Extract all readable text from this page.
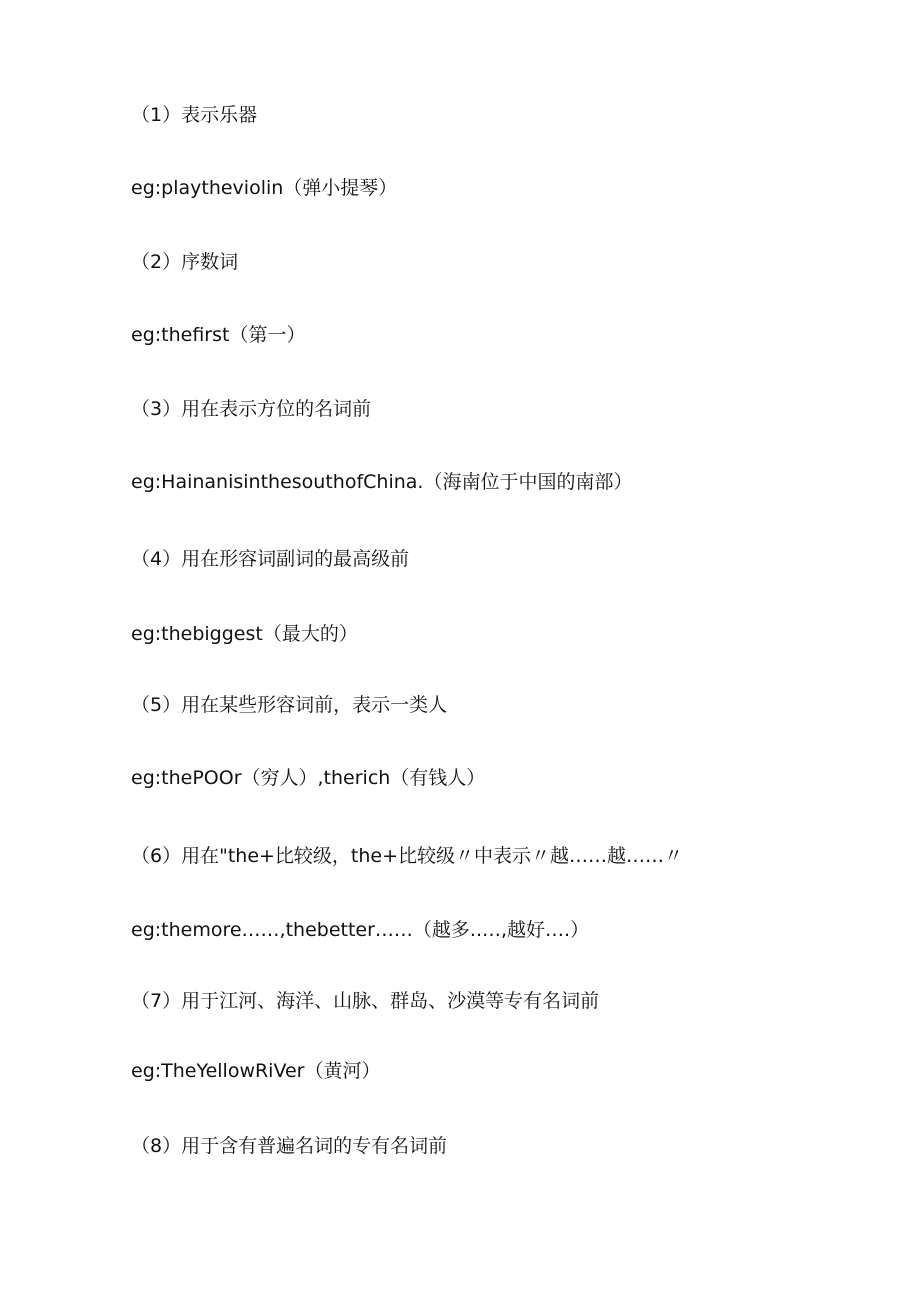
（1）表示乐器
eg:playtheviolin（弹小提琴）
（2）序数词
eg:thefirst（第一）
（3）用在表示方位的名词前
eg:HainanisinthesouthofChina.（海南位于中国的南部）
（4）用在形容词副词的最高级前
eg:thebiggest（最大的）
（5）用在某些形容词前，表示一类人
eg:thePOOr（穷人）,therich（有钱人）
（6）用在"the+比较级，the+比较级〃中表示〃越……越……〃
eg:themore……,thebetter……（越多..…,越好….）
（7）用于江河、海洋、山脉、群岛、沙漠等专有名词前
eg:TheYellowRiVer（黄河）
（8）用于含有普遍名词的专有名词前
